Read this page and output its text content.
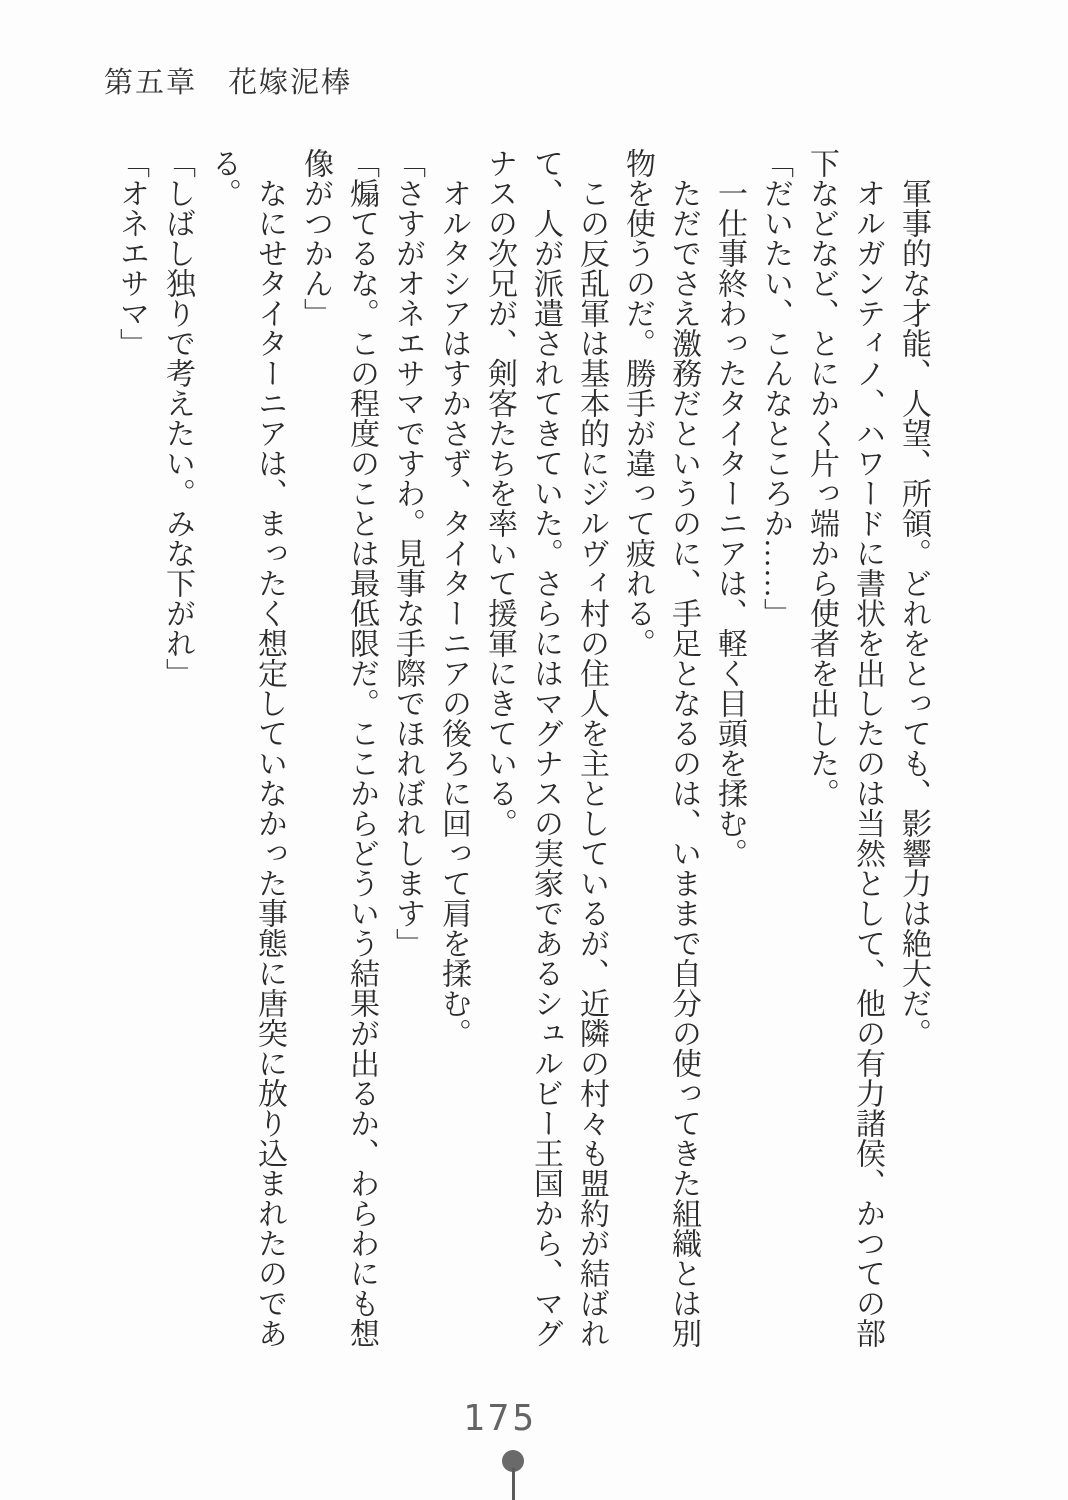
第五章　花嫁泥棒

軍事的な才能、人望、所領。どれをとっても、影響力は絶大だ。

オルガンティノ、ハワードに書状を出したのは当然として、他の有力諸侯、かつての部下などなど、とにかく片っ端から使者を出した。

「だいたい、こんなところか……」

一仕事終わったタイターニアは、軽く目頭を揉む。

ただでさえ激務だというのに、手足となるのは、いままで自分の使ってきた組織とは別物を使うのだ。勝手が違って疲れる。

この反乱軍は基本的にジルヴィ村の住人を主としているが、近隣の村々も盟約が結ばれて、人が派遣されてきていた。さらにはマグナスの実家であるシュルビー王国から、マグナスの次兄が、剣客たちを率いて援軍にきている。

オルタシアはすかさず、タイターニアの後ろに回って肩を揉む。

「さすがオネエサマですわ。見事な手際でほれぼれします」

「煽てるな。この程度のことは最低限だ。ここからどういう結果が出るか、わらわにも想像がつかん」

なにせタイターニアは、まったく想定していなかった事態に唐突に放り込まれたのである。

「しばし独りで考えたい。みな下がれ」

「オネエサマ」

175
